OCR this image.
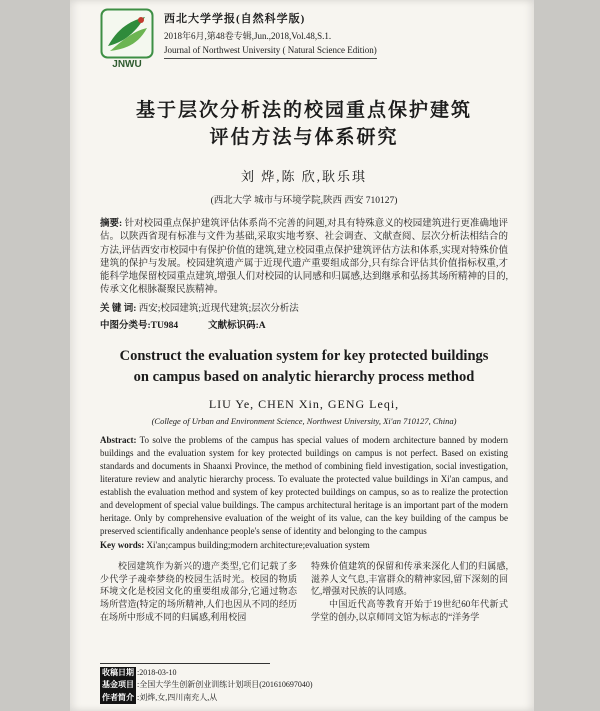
JNWU
西北大学学报(自然科学版)
2018年6月,第48卷专辑,Jun.,2018,Vol.48,S.1.
Journal of Northwest University ( Natural Science Edition)
基于层次分析法的校园重点保护建筑
评估方法与体系研究
刘 烨,陈 欣,耿乐琪
(西北大学 城市与环境学院,陕西 西安 710127)
摘要: 针对校园重点保护建筑评估体系尚不完善的问题,对具有特殊意义的校园建筑进行更准确地评估。以陕西省现有标准与文件为基础,采取实地考察、社会调查、文献查阅、层次分析法相结合的方法,评估西安市校园中有保护价值的建筑,建立校园重点保护建筑评估方法和体系,实现对特殊价值建筑的保护与发展。校园建筑遗产属于近现代遗产重要组成部分,只有综合评估其价值指标权重,才能科学地保留校园重点建筑,增强人们对校园的认同感和归属感,达到继承和弘扬其场所精神的目的,传承文化根脉凝聚民族精神。
关 键 词: 西安;校园建筑;近现代建筑;层次分析法
中图分类号:TU984	文献标识码:A
Construct the evaluation system for key protected buildings
on campus based on analytic hierarchy process method
LIU Ye, CHEN Xin, GENG Leqi,
(College of Urban and Environment Science, Northwest University, Xi'an 710127, China)
Abstract: To solve the problems of the campus has special values of modern architecture banned by modern buildings and the evaluation system for key protected buildings on campus is not perfect. Based on existing standards and documents in Shaanxi Province, the method of combining field investigation, social investigation, literature review and analytic hierarchy process. To evaluate the protected value buildings in Xi'an campus, and establish the evaluation method and system of key protected buildings on campus, so as to realize the protection and development of special value buildings. The campus architectural heritage is an important part of the modern heritage. Only by comprehensive evaluation of the weight of its value, can the key building of the campus be preserved scientifically andenhance people's sense of identity and belonging to the campus
Key words: Xi'an;campus building;modern architecture;evaluation system

校园建筑作为新兴的遗产类型,它们记载了多少代学子魂牵梦绕的校园生活时光。校园的物质环境文化是校园文化的重要组成部分,它通过物态场所营造(特定的场所精神,人们也因从不同的经历在场所中形成不同的归属感,利用校园

特殊价值建筑的保留和传承来深化人们的归属感,滋养人文气息,丰富群众的精神家园,留下深刻的回忆,增强对民族的认同感。

中国近代高等教育开始于19世纪60年代新式学堂的创办,以京师同文馆为标志的“洋务学

收稿日期 :2018-03-10
基金项目 :全国大学生创新创业训练计划项目(201610697040)
作者简介 :刘烨,女,四川南充人,从
